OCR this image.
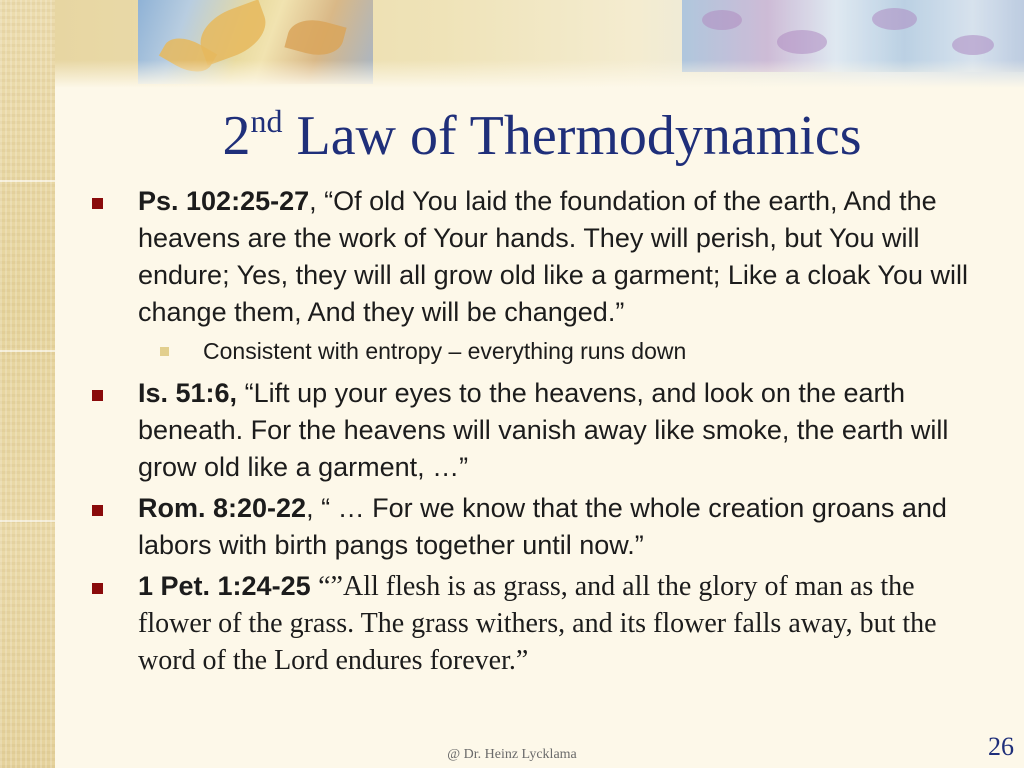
2nd Law of Thermodynamics
Ps. 102:25-27, “Of old You laid the foundation of the earth, And the heavens are the work of Your hands. They will perish, but You will endure; Yes, they will all grow old like a garment; Like a cloak You will change them, And they will be changed.”
Consistent with entropy – everything runs down
Is. 51:6, “Lift up your eyes to the heavens, and look on the earth beneath. For the heavens will vanish away like smoke, the earth will grow old like a garment, …”
Rom. 8:20-22, “ … For we know that the whole creation groans and labors with birth pangs together until now.”
1 Pet. 1:24-25 “”All flesh is as grass, and all the glory of man as the flower of the grass. The grass withers, and its flower falls away, but the word of the Lord endures forever.”
@ Dr. Heinz Lycklama	26
